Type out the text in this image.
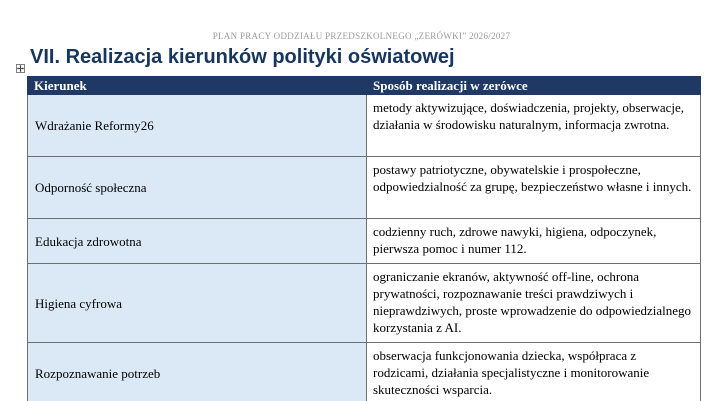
PLAN PRACY ODDZIAŁU PRZEDSZKOLNEGO „ZERÓWKI” 2026/2027
VII. Realizacja kierunków polityki oświatowej
Kierunek	Sposób realizacji w zerówce
Wdrażanie Reformy26	metody aktywizujące, doświadczenia, projekty, obserwacje, działania w środowisku naturalnym, informacja zwrotna.
Odporność społeczna	postawy patriotyczne, obywatelskie i prospołeczne, odpowiedzialność za grupę, bezpieczeństwo własne i innych.
Edukacja zdrowotna	codzienny ruch, zdrowe nawyki, higiena, odpoczynek, pierwsza pomoc i numer 112.
Higiena cyfrowa	ograniczanie ekranów, aktywność off-line, ochrona prywatności, rozpoznawanie treści prawdziwych i nieprawdziwych, proste wprowadzenie do odpowiedzialnego korzystania z AI.
Rozpoznawanie potrzeb	obserwacja funkcjonowania dziecka, współpraca z rodzicami, działania specjalistyczne i monitorowanie skuteczności wsparcia.
